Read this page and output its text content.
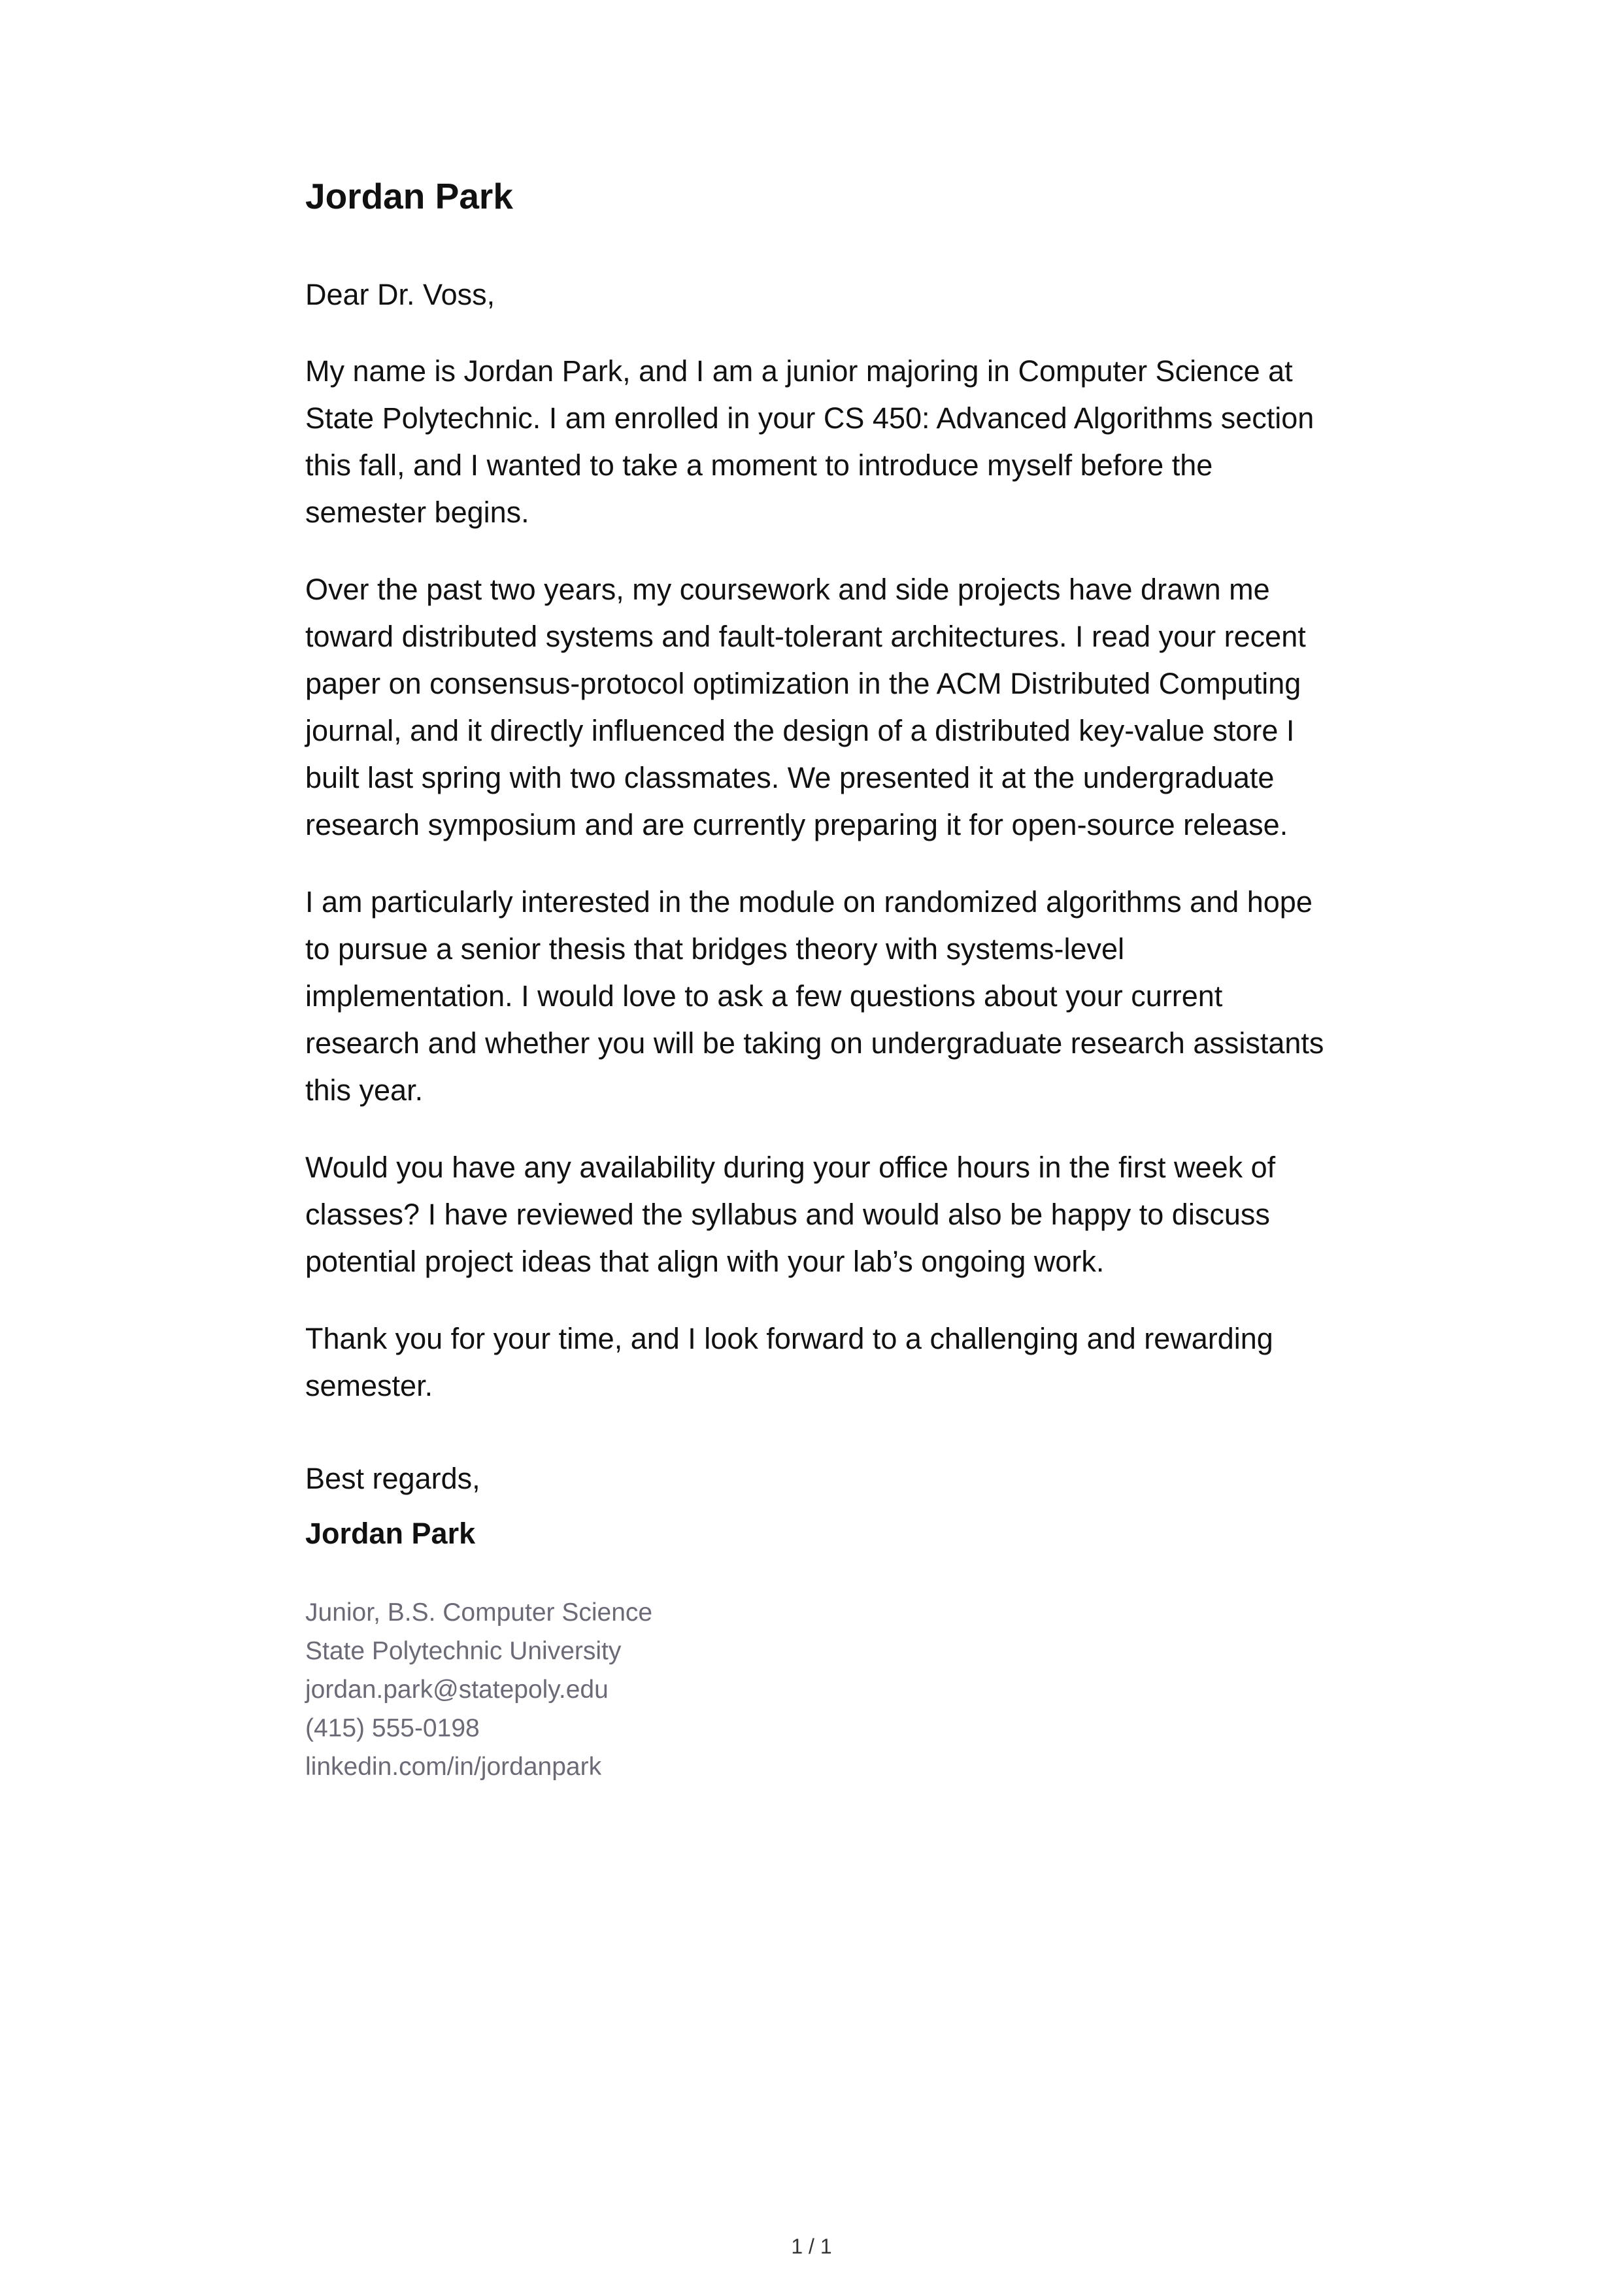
Jordan Park

Dear Dr. Voss,

My name is Jordan Park, and I am a junior majoring in Computer Science at State Polytechnic. I am enrolled in your CS 450: Advanced Algorithms section this fall, and I wanted to take a moment to introduce myself before the semester begins.

Over the past two years, my coursework and side projects have drawn me toward distributed systems and fault-tolerant architectures. I read your recent paper on consensus-protocol optimization in the ACM Distributed Computing journal, and it directly influenced the design of a distributed key-value store I built last spring with two classmates. We presented it at the undergraduate research symposium and are currently preparing it for open-source release.

I am particularly interested in the module on randomized algorithms and hope to pursue a senior thesis that bridges theory with systems-level implementation. I would love to ask a few questions about your current research and whether you will be taking on undergraduate research assistants this year.

Would you have any availability during your office hours in the first week of classes? I have reviewed the syllabus and would also be happy to discuss potential project ideas that align with your lab’s ongoing work.

Thank you for your time, and I look forward to a challenging and rewarding semester.

Best regards,

Jordan Park
Junior, B.S. Computer Science
State Polytechnic University
jordan.park@statepoly.edu
(415) 555-0198
linkedin.com/in/jordanpark
1 / 1
